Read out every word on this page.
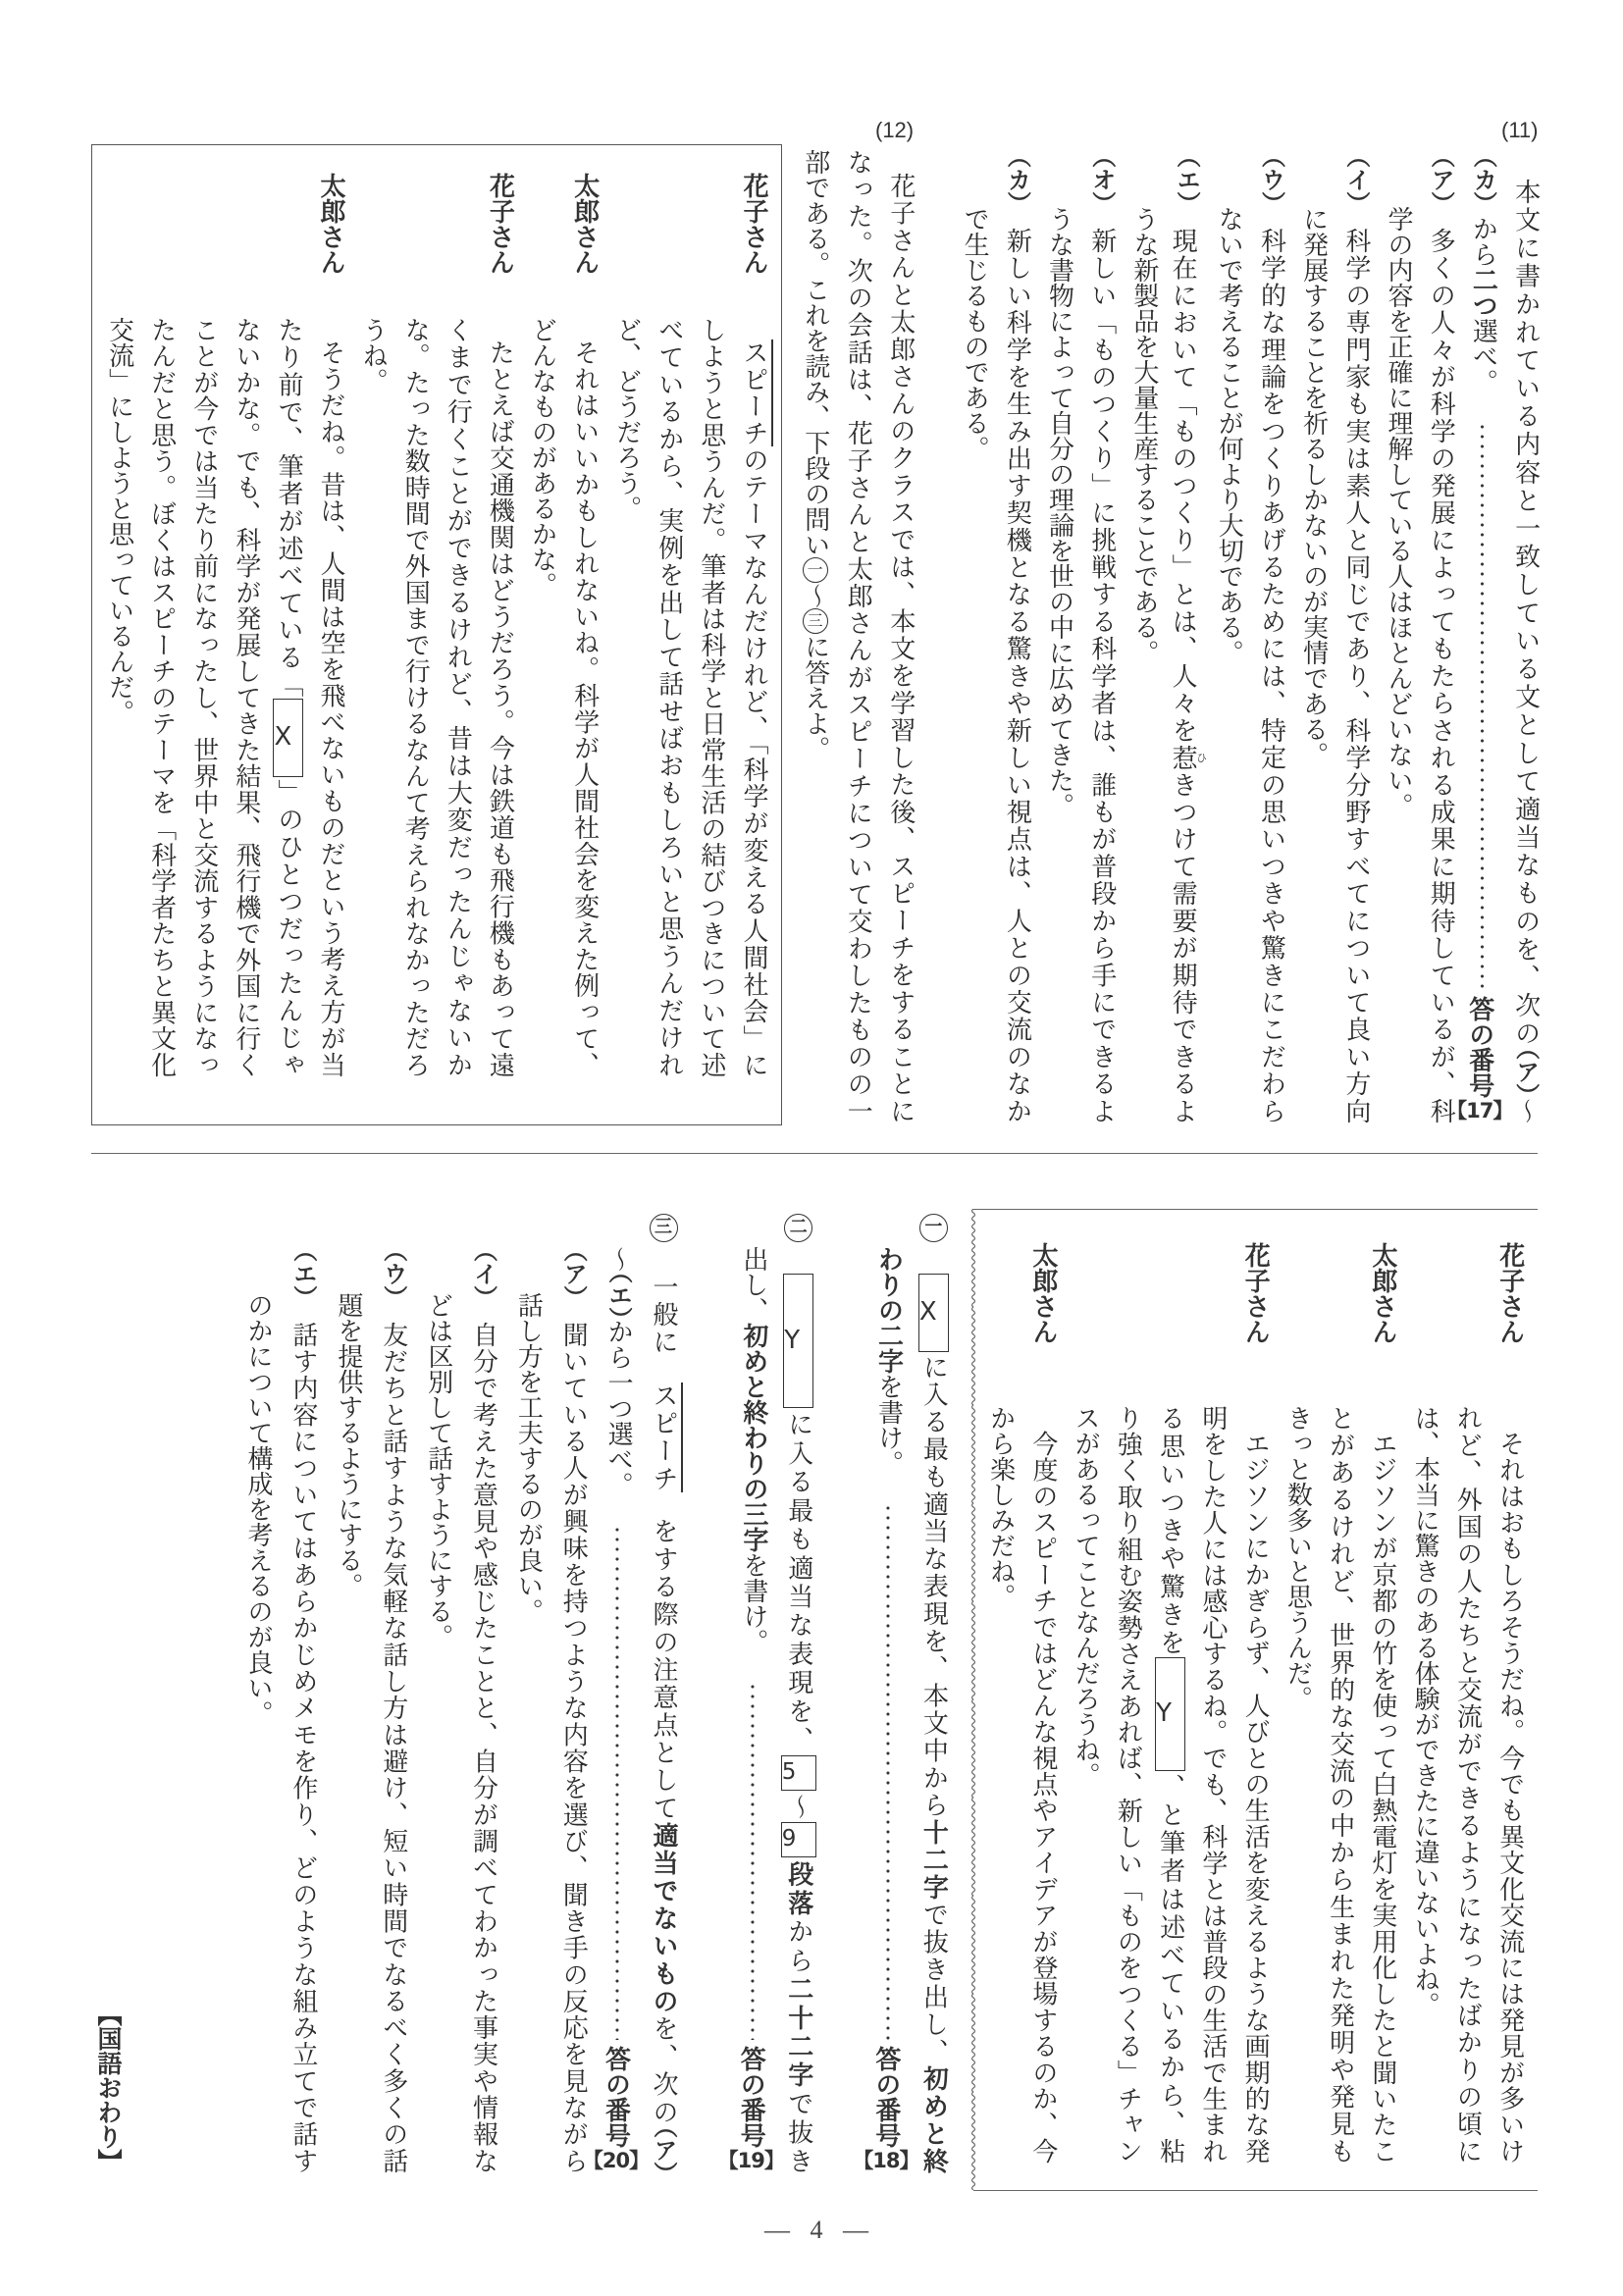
(11)
本文に書かれている内容と一致している文として適当なものを、次の（ア）～
（カ）
から二つ選べ。
答の番号【17】
（ア）
多くの人々が科学の発展によってもたらされる成果に期待しているが、科
学の内容を正確に理解している人はほとんどいない。
（イ）
科学の専門家も実は素人と同じであり、科学分野すべてについて良い方向
に発展することを祈るしかないのが実情である。
（ウ）
科学的な理論をつくりあげるためには、特定の思いつきや驚きにこだわら
ないで考えることが何より大切である。
（エ）
現在において「ものつくり」とは、人々を惹ひきつけて需要が期待できるよ
うな新製品を大量生産することである。
（オ）
新しい「ものつくり」に挑戦する科学者は、誰もが普段から手にできるよ
うな書物によって自分の理論を世の中に広めてきた。
（カ）
新しい科学を生み出す契機となる驚きや新しい視点は、人との交流のなか
で生じるものである。
(12)
花子さんと太郎さんのクラスでは、本文を学習した後、スピーチをすることに
なった。次の会話は、花子さんと太郎さんがスピーチについて交わしたものの一
部である。これを読み、下段の問い一～三に答えよ。
花子さん
スピーチのテーマなんだけれど、「科学が変える人間社会」に
しようと思うんだ。筆者は科学と日常生活の結びつきについて述
べているから、実例を出して話せばおもしろいと思うんだけれ
ど、どうだろう。
太郎さん
それはいいかもしれないね。科学が人間社会を変えた例って、
どんなものがあるかな。
花子さん
たとえば交通機関はどうだろう。今は鉄道も飛行機もあって遠
くまで行くことができるけれど、昔は大変だったんじゃないか
な。たった数時間で外国まで行けるなんて考えられなかっただろ
うね。
太郎さん
そうだね。昔は、人間は空を飛べないものだという考え方が当
たり前で、筆者が述べている「X」のひとつだったんじゃ
ないかな。でも、科学が発展してきた結果、飛行機で外国に行く
ことが今では当たり前になったし、世界中と交流するようになっ
たんだと思う。ぼくはスピーチのテーマを「科学者たちと異文化
交流」にしようと思っているんだ。
花子さん
それはおもしろそうだね。今でも異文化交流には発見が多いけ
れど、外国の人たちと交流ができるようになったばかりの頃に
は、本当に驚きのある体験ができたに違いないよね。
太郎さん
エジソンが京都の竹を使って白熱電灯を実用化したと聞いたこ
とがあるけれど、世界的な交流の中から生まれた発明や発見も
きっと数多いと思うんだ。
花子さん
エジソンにかぎらず、人びとの生活を変えるような画期的な発
明をした人には感心するね。でも、科学とは普段の生活で生まれ
る思いつきや驚きをY、と筆者は述べているから、粘
り強く取り組む姿勢さえあれば、新しい「ものをつくる」チャン
スがあるってことなんだろうね。
太郎さん
今度のスピーチではどんな視点やアイデアが登場するのか、今
から楽しみだね。
一
Xに入る最も適当な表現を、本文中から十二字で抜き出し、初めと終
わりの二字を書け。
答の番号【18】
二
Yに入る最も適当な表現を、5～9段落から二十二字で抜き
出し、初めと終わりの三字を書け。
答の番号【19】
三
一般にスピーチをする際の注意点として適当でないものを、次の（ア）
～（エ）から一つ選べ。
答の番号【20】
（ア）
聞いている人が興味を持つような内容を選び、聞き手の反応を見ながら
話し方を工夫するのが良い。
（イ）
自分で考えた意見や感じたことと、自分が調べてわかった事実や情報な
どは区別して話すようにする。
（ウ）
友だちと話すような気軽な話し方は避け、短い時間でなるべく多くの話
題を提供するようにする。
（エ）
話す内容についてはあらかじめメモを作り、どのような組み立てで話す
のかについて構成を考えるのが良い。
【国語おわり】
— 4 —
